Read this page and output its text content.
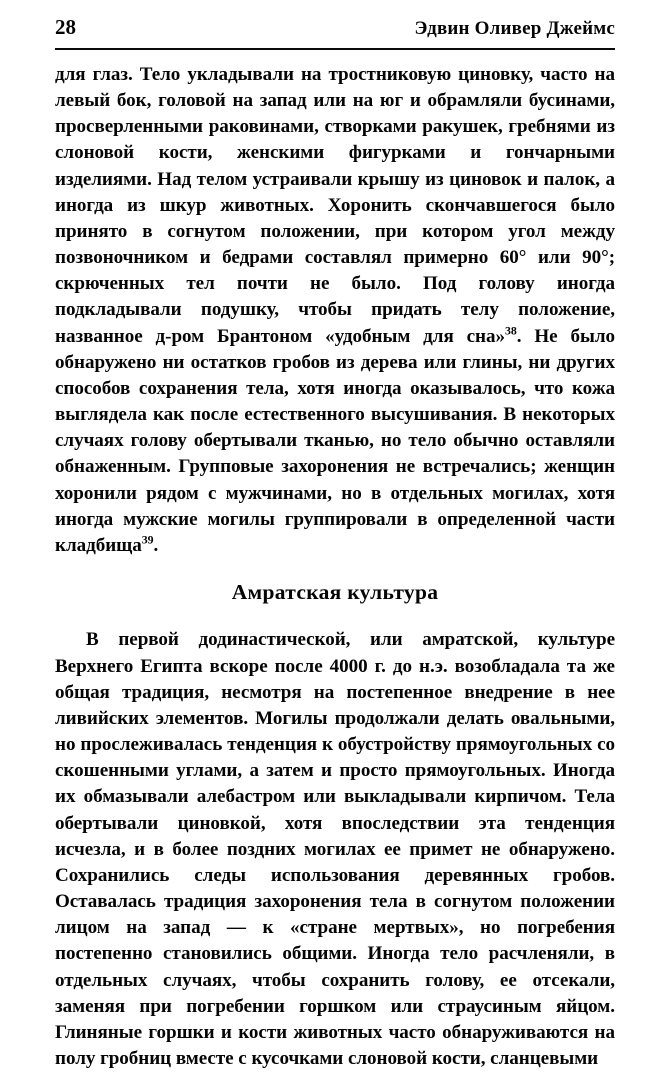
28	Эдвин Оливер Джеймс

для глаз. Тело укладывали на тростниковую циновку, часто на левый бок, головой на запад или на юг и обрамляли бусинами, просверленными раковинами, створками ракушек, гребнями из слоновой кости, женскими фигурками и гончарными изделиями. Над телом устраивали крышу из циновок и палок, а иногда из шкур животных. Хоронить скончавшегося было принято в согнутом положении, при котором угол между позвоночником и бедрами составлял примерно 60° или 90°; скрюченных тел почти не было. Под голову иногда подкладывали подушку, чтобы придать телу положение, названное д-ром Брантоном «удобным для сна»$^{38}$. Не было обнаружено ни остатков гробов из дерева или глины, ни других способов сохранения тела, хотя иногда оказывалось, что кожа выглядела как после естественного высушивания. В некоторых случаях голову обертывали тканью, но тело обычно оставляли обнаженным. Групповые захоронения не встречались; женщин хоронили рядом с мужчинами, но в отдельных могилах, хотя иногда мужские могилы группировали в определенной части кладбища$^{39}$.

Амратская культура

В первой додинастической, или амратской, культуре Верхнего Египта вскоре после 4000 г. до н.э. возобладала та же общая традиция, несмотря на постепенное внедрение в нее ливийских элементов. Могилы продолжали делать овальными, но прослеживалась тенденция к обустройству прямоугольных со скошенными углами, а затем и просто прямоугольных. Иногда их обмазывали алебастром или выкладывали кирпичом. Тела обертывали циновкой, хотя впоследствии эта тенденция исчезла, и в более поздних могилах ее примет не обнаружено. Сохранились следы использования деревянных гробов. Оставалась традиция захоронения тела в согнутом положении лицом на запад — к «стране мертвых», но погребения постепенно становились общими. Иногда тело расчленяли, в отдельных случаях, чтобы сохранить голову, ее отсекали, заменяя при погребении горшком или страусиным яйцом. Глиняные горшки и кости животных часто обнаруживаются на полу гробниц вместе с кусочками слоновой кости, сланцевыми
